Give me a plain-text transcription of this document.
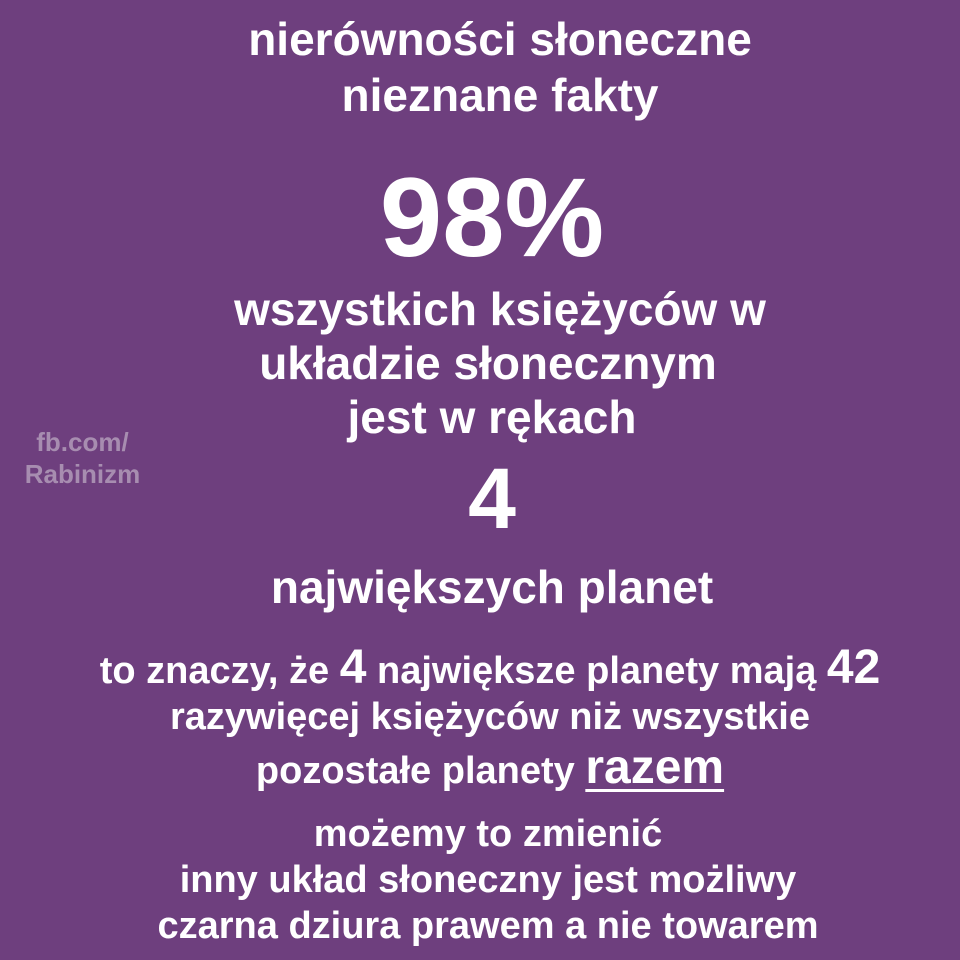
nierówności słoneczne
nieznane fakty
98%
wszystkich księżyców w
układzie słonecznym
jest w rękach
4
największych planet
to znaczy, że 4 największe planety mają 42
razywięcej księżyców niż wszystkie
pozostałe planety razem
możemy to zmienić
inny układ słoneczny jest możliwy
czarna dziura prawem a nie towarem
fb.com/
Rabinizm
